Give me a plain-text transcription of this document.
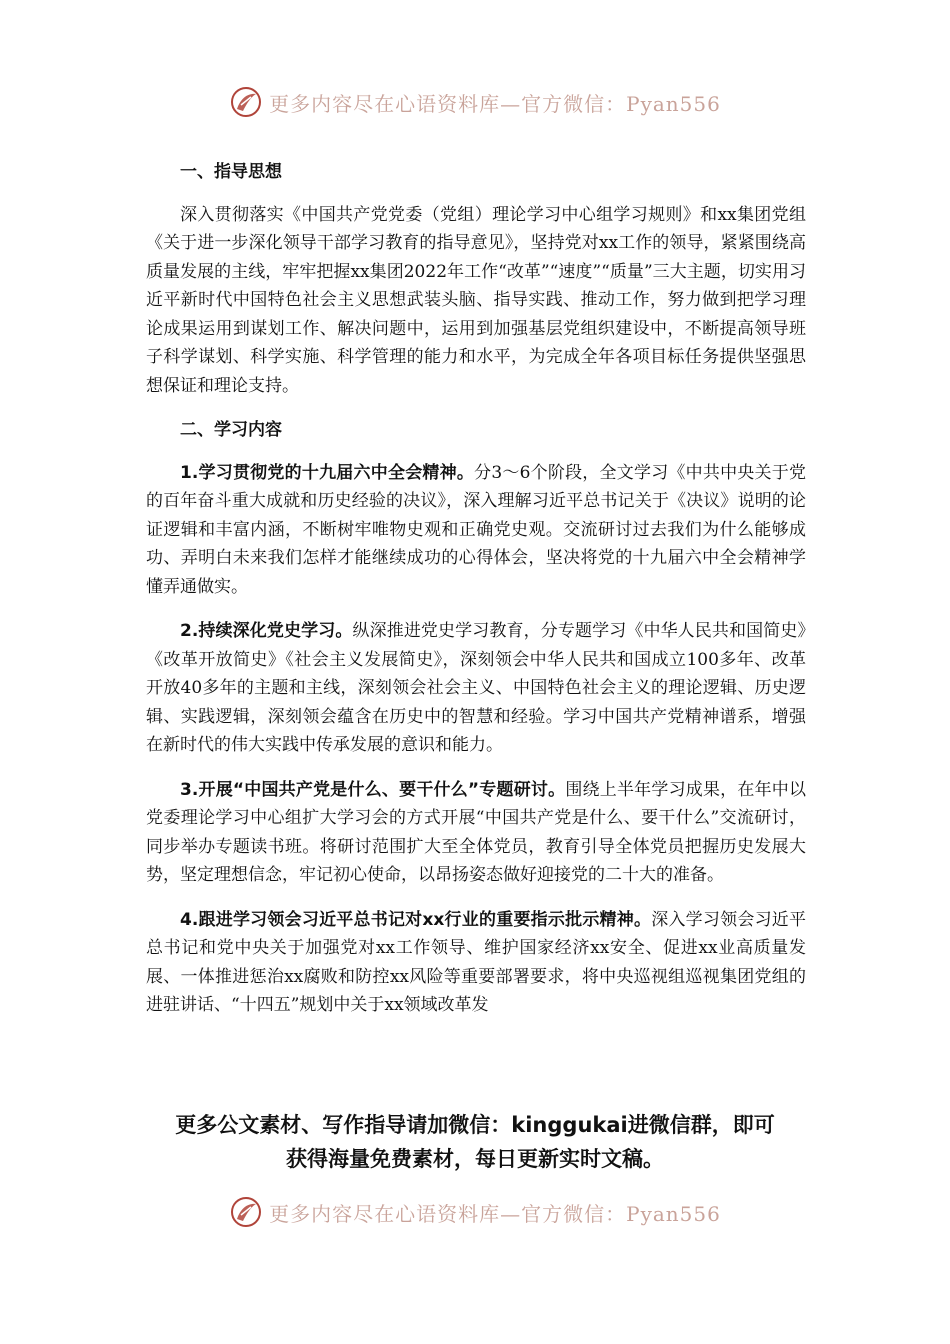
更多内容尽在心语资料库—官方微信：Pyan556

一、指导思想

深入贯彻落实《中国共产党党委（党组）理论学习中心组学习规则》和xx集团党组《关于进一步深化领导干部学习教育的指导意见》，坚持党对xx工作的领导，紧紧围绕高质量发展的主线，牢牢把握xx集团2022年工作“改革”“速度”“质量”三大主题，切实用习近平新时代中国特色社会主义思想武装头脑、指导实践、推动工作，努力做到把学习理论成果运用到谋划工作、解决问题中，运用到加强基层党组织建设中，不断提高领导班子科学谋划、科学实施、科学管理的能力和水平，为完成全年各项目标任务提供坚强思想保证和理论支持。

二、学习内容

1.学习贯彻党的十九届六中全会精神。分3～6个阶段，全文学习《中共中央关于党的百年奋斗重大成就和历史经验的决议》，深入理解习近平总书记关于《决议》说明的论证逻辑和丰富内涵，不断树牢唯物史观和正确党史观。交流研讨过去我们为什么能够成功、弄明白未来我们怎样才能继续成功的心得体会，坚决将党的十九届六中全会精神学懂弄通做实。

2.持续深化党史学习。纵深推进党史学习教育，分专题学习《中华人民共和国简史》《改革开放简史》《社会主义发展简史》，深刻领会中华人民共和国成立100多年、改革开放40多年的主题和主线，深刻领会社会主义、中国特色社会主义的理论逻辑、历史逻辑、实践逻辑，深刻领会蕴含在历史中的智慧和经验。学习中国共产党精神谱系，增强在新时代的伟大实践中传承发展的意识和能力。

3.开展“中国共产党是什么、要干什么”专题研讨。围绕上半年学习成果，在年中以党委理论学习中心组扩大学习会的方式开展“中国共产党是什么、要干什么”交流研讨，同步举办专题读书班。将研讨范围扩大至全体党员，教育引导全体党员把握历史发展大势，坚定理想信念，牢记初心使命，以昂扬姿态做好迎接党的二十大的准备。

4.跟进学习领会习近平总书记对xx行业的重要指示批示精神。深入学习领会习近平总书记和党中央关于加强党对xx工作领导、维护国家经济xx安全、促进xx业高质量发展、一体推进惩治xx腐败和防控xx风险等重要部署要求，将中央巡视组巡视集团党组的进驻讲话、“十四五”规划中关于xx领域改革发

更多公文素材、写作指导请加微信：kinggukai进微信群，即可
获得海量免费素材，每日更新实时文稿。
更多内容尽在心语资料库—官方微信：Pyan556
